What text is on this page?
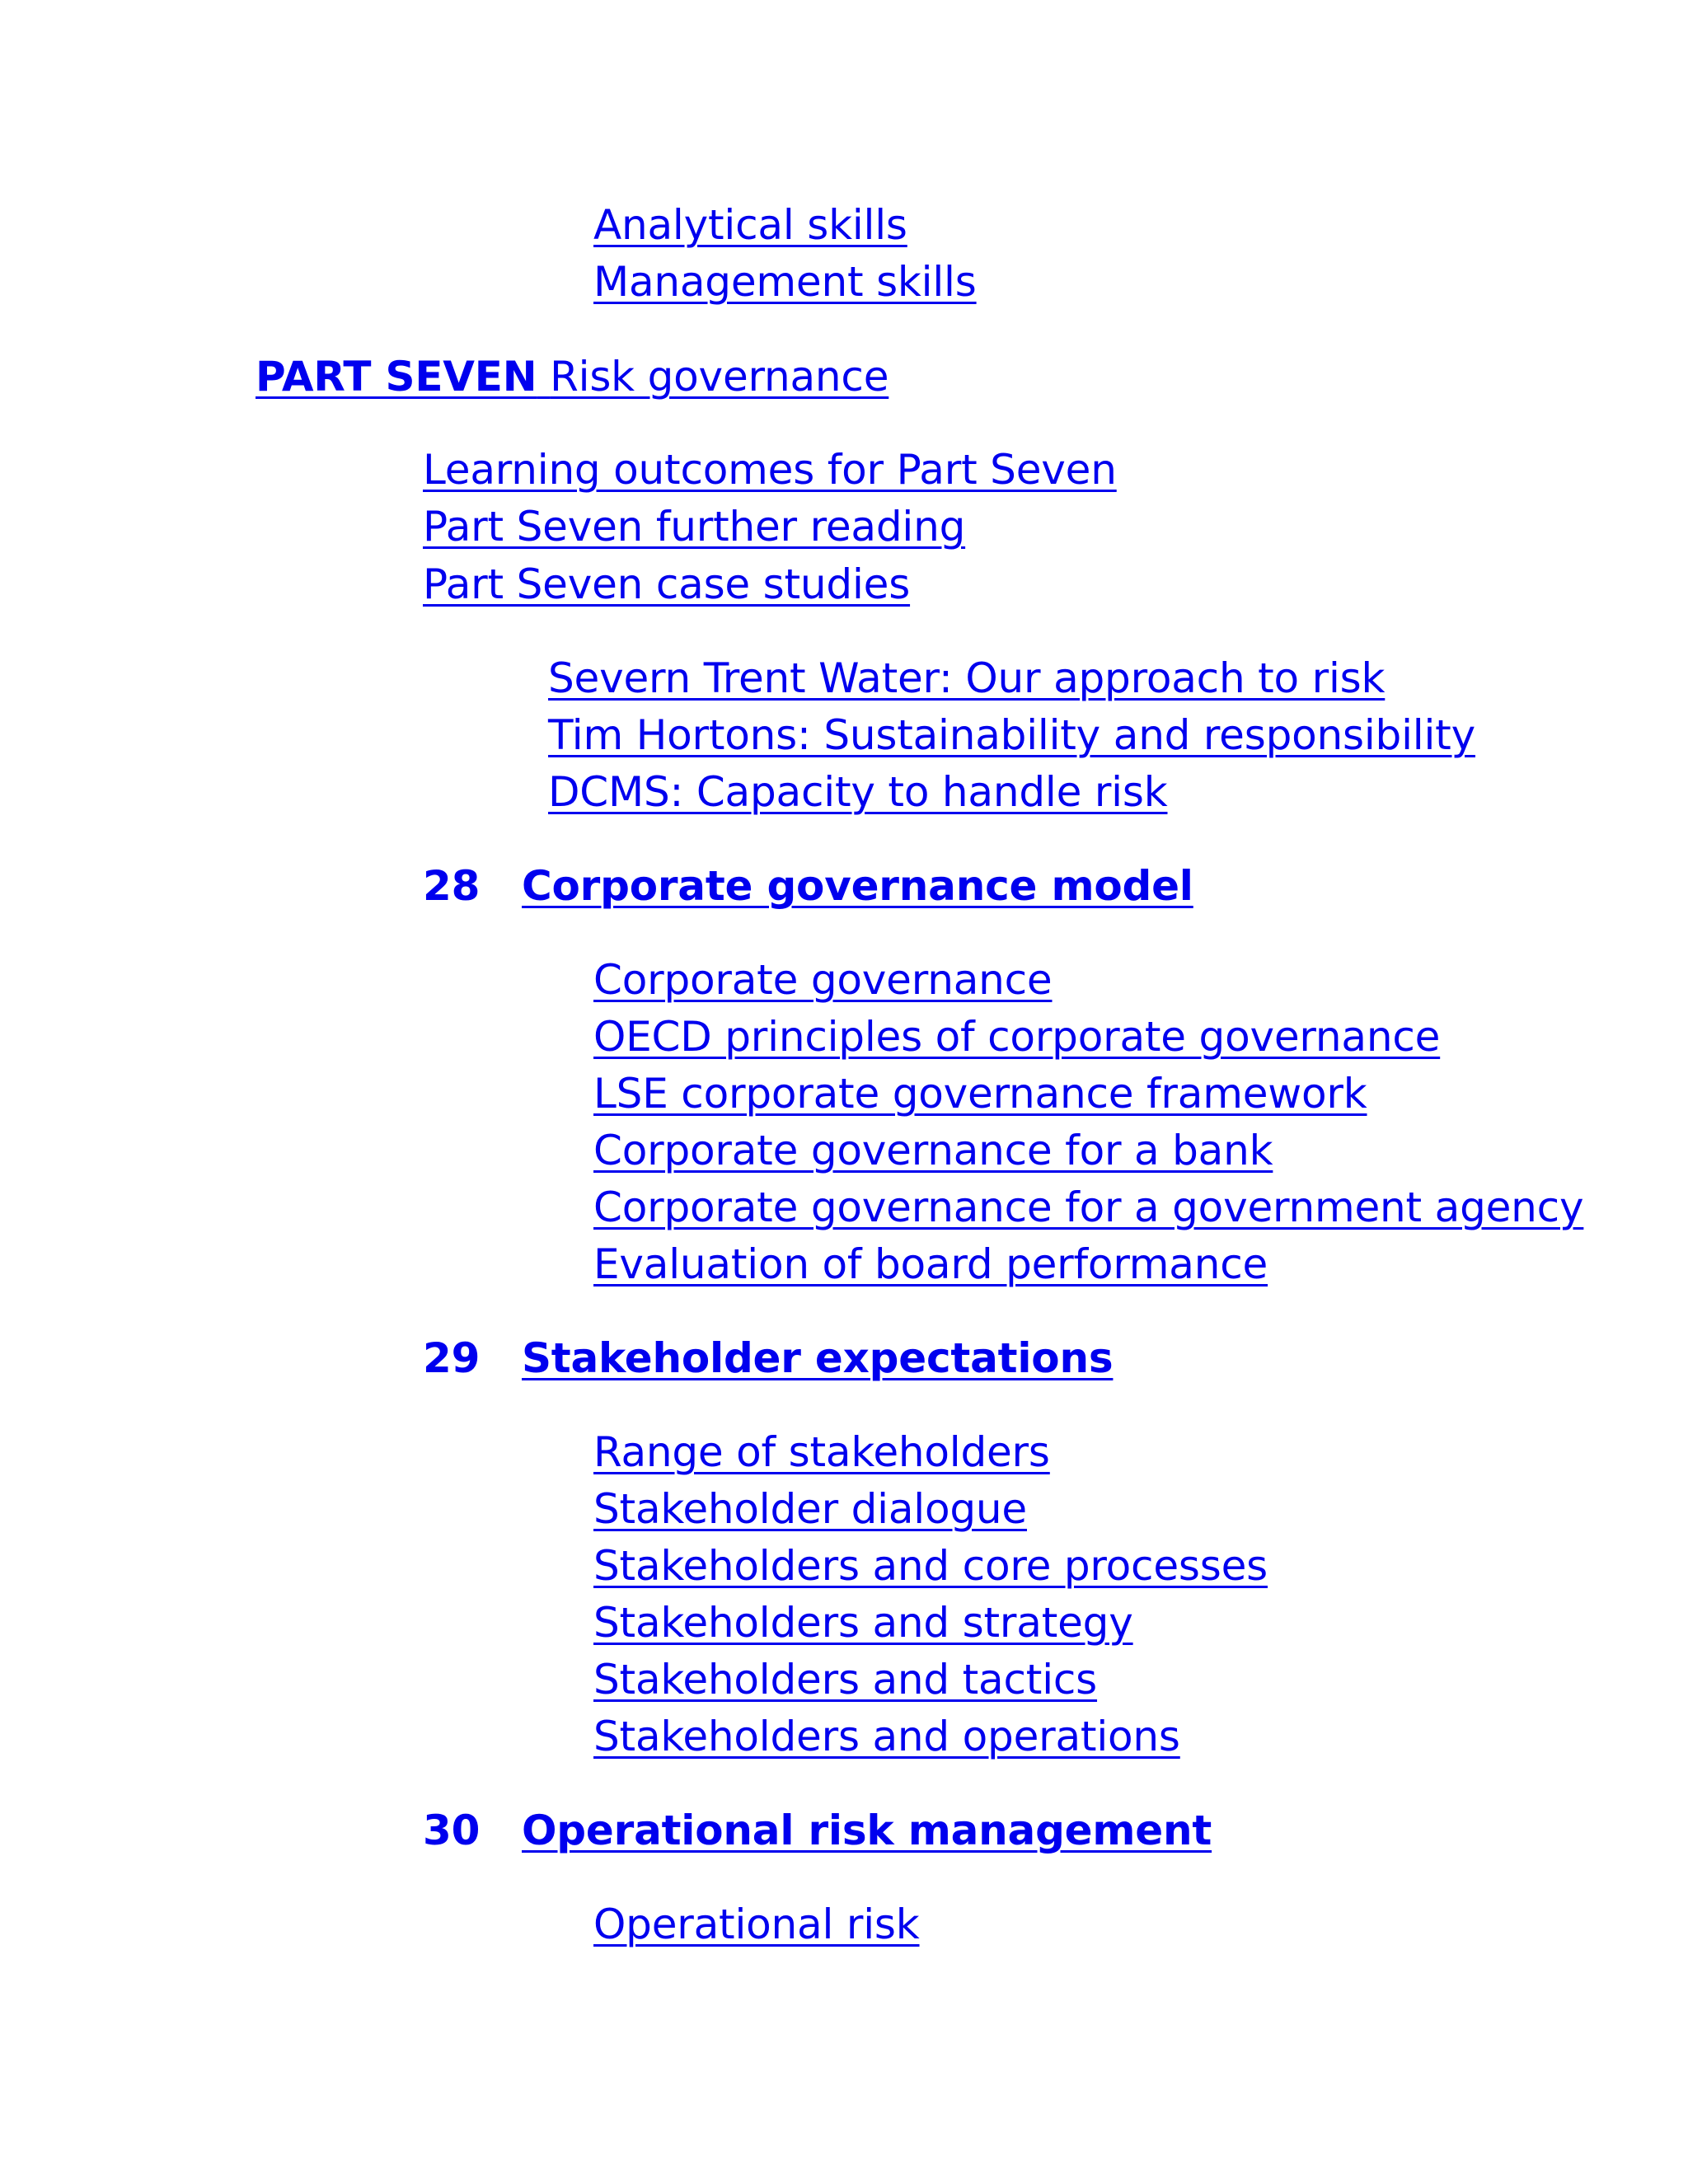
Analytical skills
Management skills
PART SEVEN Risk governance
Learning outcomes for Part Seven
Part Seven further reading
Part Seven case studies
Severn Trent Water: Our approach to risk
Tim Hortons: Sustainability and responsibility
DCMS: Capacity to handle risk
28 Corporate governance model
Corporate governance
OECD principles of corporate governance
LSE corporate governance framework
Corporate governance for a bank
Corporate governance for a government agency
Evaluation of board performance
29 Stakeholder expectations
Range of stakeholders
Stakeholder dialogue
Stakeholders and core processes
Stakeholders and strategy
Stakeholders and tactics
Stakeholders and operations
30 Operational risk management
Operational risk
